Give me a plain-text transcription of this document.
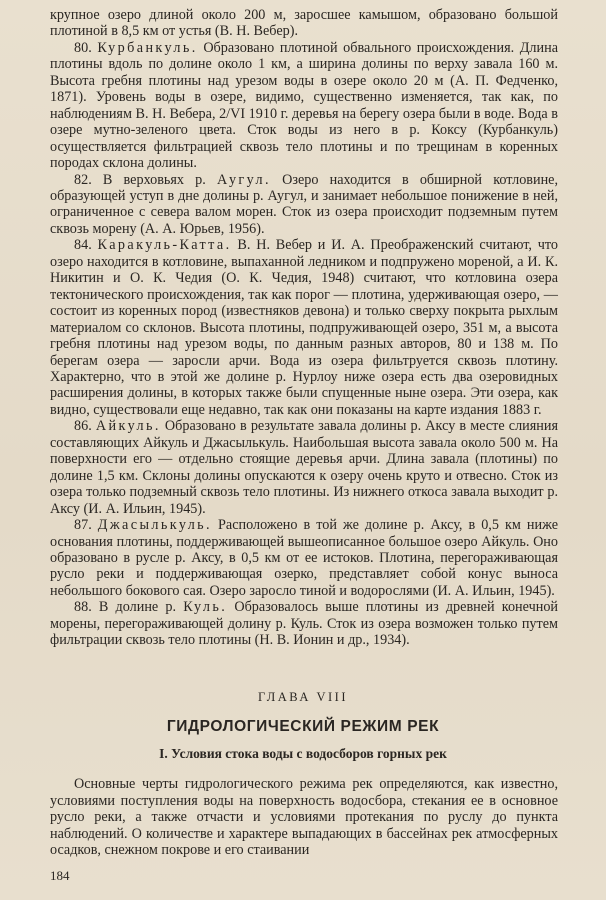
крупное озеро длиной около 200 м, заросшее камышом, образовано большой плотиной в 8,5 км от устья (В. Н. Вебер).

80. Курбанкуль. Образовано плотиной обвального происхождения. Длина плотины вдоль по долине около 1 км, а ширина долины по верху завала 160 м. Высота гребня плотины над урезом воды в озере около 20 м (А. П. Федченко, 1871). Уровень воды в озере, видимо, существенно изменяется, так как, по наблюдениям В. Н. Вебера, 2/VI 1910 г. деревья на берегу озера были в воде. Вода в озере мутно-зеленого цвета. Сток воды из него в р. Коксу (Курбанкуль) осуществляется фильтрацией сквозь тело плотины и по трещинам в коренных породах склона долины.

82. В верховьях р. Аугул. Озеро находится в обширной котловине, образующей уступ в дне долины р. Аугул, и занимает небольшое понижение в ней, ограниченное с севера валом морен. Сток из озера происходит подземным путем сквозь морену (А. А. Юрьев, 1956).

84. Каракуль-Катта. В. Н. Вебер и И. А. Преображенский считают, что озеро находится в котловине, выпаханной ледником и подпружено мореной, а И. К. Никитин и О. К. Чедия (О. К. Чедия, 1948) считают, что котловина озера тектонического происхождения, так как порог — плотина, удерживающая озеро, — состоит из коренных пород (известняков девона) и только сверху покрыта рыхлым материалом со склонов. Высота плотины, подпруживающей озеро, 351 м, а высота гребня плотины над урезом воды, по данным разных авторов, 80 и 138 м. По берегам озера — заросли арчи. Вода из озера фильтруется сквозь плотину. Характерно, что в этой же долине р. Нурлоу ниже озера есть два озеровидных расширения долины, в которых также были спущенные ныне озера. Эти озера, как видно, существовали еще недавно, так как они показаны на карте издания 1883 г.

86. Айкуль. Образовано в результате завала долины р. Аксу в месте слияния составляющих Айкуль и Джасылькуль. Наибольшая высота завала около 500 м. На поверхности его — отдельно стоящие деревья арчи. Длина завала (плотины) по долине 1,5 км. Склоны долины опускаются к озеру очень круто и отвесно. Сток из озера только подземный сквозь тело плотины. Из нижнего откоса завала выходит р. Аксу (И. А. Ильин, 1945).

87. Джасылькуль. Расположено в той же долине р. Аксу, в 0,5 км ниже основания плотины, поддерживающей вышеописанное большое озеро Айкуль. Оно образовано в русле р. Аксу, в 0,5 км от ее истоков. Плотина, перегораживающая русло реки и поддерживающая озерко, представляет собой конус выноса небольшого бокового сая. Озеро заросло тиной и водорослями (И. А. Ильин, 1945).

88. В долине р. Куль. Образовалось выше плотины из древней конечной морены, перегораживающей долину р. Куль. Сток из озера возможен только путем фильтрации сквозь тело плотины (Н. В. Ионин и др., 1934).

ГЛАВА VIII
ГИДРОЛОГИЧЕСКИЙ РЕЖИМ РЕК
I. Условия стока воды с водосборов горных рек

Основные черты гидрологического режима рек определяются, как известно, условиями поступления воды на поверхность водосбора, стекания ее в основное русло реки, а также отчасти и условиями протекания по руслу до пункта наблюдений. О количестве и характере выпадающих в бассейнах рек атмосферных осадков, снежном покрове и его стаивании

184
